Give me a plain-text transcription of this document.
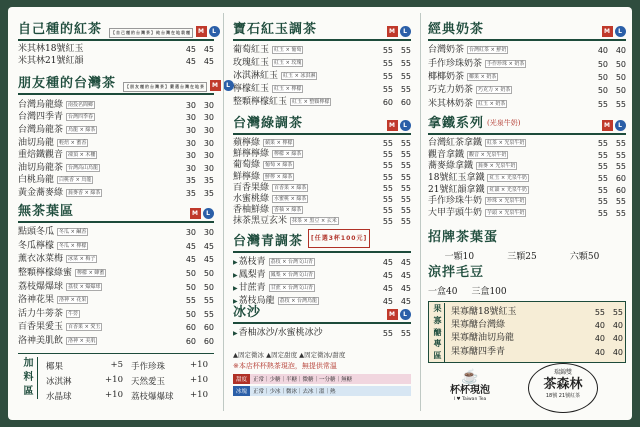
自己種的紅茶	【自己種的台灣茶】純台灣在地栽種	M	L
米其林18號紅玉	45 45
米其林21號紅韻	45 45
朋友種的台灣茶	【朋友種的台灣茶】嚴選台灣在地茶	M	L
台灣烏龍綠	南投名間鄉	30 30
台灣四季青	台灣四季春	30 30
台灣烏龍茶	烏龍 × 綠茶	30 30
油切烏龍	輕焙 × 蜜香	30 30
重焙鐵觀音	凍頂 × 木柵	30 30
油切烏龍茶	台灣高山烏龍	30 30
白桃烏龍	白桃香 × 烏龍	35 35
黃金蕎麥綠	蕎麥香 × 綠茶	35 35
無茶葉區	M	L
點頭冬瓜	冬瓜 × 鹹香	30 30
冬瓜檸檬	冬瓜 × 檸檬	45 45
薰衣冰菜梅	冰菜 × 梅子	45 45
整顆檸檬綠蜜	檸檬 × 蜂蜜	50 50
荔枝爆爆球	荔枝 × 爆爆球	50 50
洛神花果	洛神 × 花果	55 55
活力牛蒡茶	牛蒡	50 55
百香果愛玉	百香果 × 愛玉	60 60
洛神美肌飲	洛神 × 美肌	60 60
加
料
區
椰果	+5 手作珍珠	+10
冰淇淋	+10 天然愛玉	+10
水晶球	+10 荔枝爆爆球 +10
寶石紅玉調茶	M	L
葡萄紅玉	紅玉 × 葡萄	55 55
玫瑰紅玉	紅玉 × 玫瑰	55 55
冰淇淋紅玉	紅玉 × 冰淇淋	55 55
檸檬紅玉	紅玉 × 檸檬	55 55
整顆檸檬紅玉	紅玉 × 整顆檸檬	60 60
台灣綠調茶	M	L
蘋檸綠	蘋果 × 檸檬	55 55
鮮檸檸綠	檸檬 × 綠茶	55 55
葡萄綠	葡萄 × 綠茶	55 55
鮮檸綠	鮮檸 × 綠茶	55 55
百香果綠	百香果 × 綠茶	55 55
水蜜桃綠	水蜜桃 × 綠茶	55 55
香柚鮮綠	香柚 × 綠茶	55 55
抹茶黑豆玄米	抹茶 × 黑豆 × 玄米	55 55
台灣青調茶	[任選3杯100元]
▶荔枝青	荔枝 × 台灣文山青	45 45
▶鳳梨青	鳳梨 × 台灣文山青	45 45
▶甘蔗青	甘蔗 × 台灣文山青	45 45
▶荔枝烏龍	荔枝 × 台灣烏龍	45 45
冰沙	M	L
▶香柚冰沙/水蜜桃冰沙	55 55
▲固定微冰 ▲固定甜度 ▲固定微冰/甜度
※本店杯杯熱茶現泡，無提供常溫
甜度	正常｜少糖｜半糖｜微糖｜一分糖｜無糖
冰塊	正常｜少冰｜微冰｜去冰｜溫｜熱
經典奶茶	M	L
台灣奶茶	台灣紅茶 × 鮮奶	40 40
手作珍珠奶茶	手作珍珠 × 奶茶	50 50
椰椰奶茶	椰果 × 奶茶	50 50
巧克力奶茶	巧克力 × 奶茶	50 50
米其林奶茶	紅玉 × 奶茶	55 55
拿鐵系列 (光泉牛奶)	M	L
台灣紅茶拿鐵	紅茶 × 光泉牛奶	55 55
觀音拿鐵	觀音 × 光泉牛奶	55 55
蕎麥綠拿鐵	蕎麥 × 光泉牛奶	55 55
18號紅玉拿鐵	紅玉 × 光泉牛奶	55 60
21號紅韻拿鐵	紅韻 × 光泉牛奶	55 60
手作珍珠牛奶	珍珠 × 光泉牛奶	55 55
大甲芋頭牛奶	芋頭 × 光泉牛奶	55 55
招牌茶葉蛋
一顆10	三顆25	六顆50
涼拌毛豆
一盒40 三盒100
果
寡
醣
專
區
果寡醣18號紅玉	55 55
果寡醣台灣綠	40 40
果寡醣油切烏龍	40 40
果寡醣四季青	40 40
☕
杯杯現泡
I ♥ Taiwan Tea
瑞錦雙
茶森林
18號 21號紅茶
